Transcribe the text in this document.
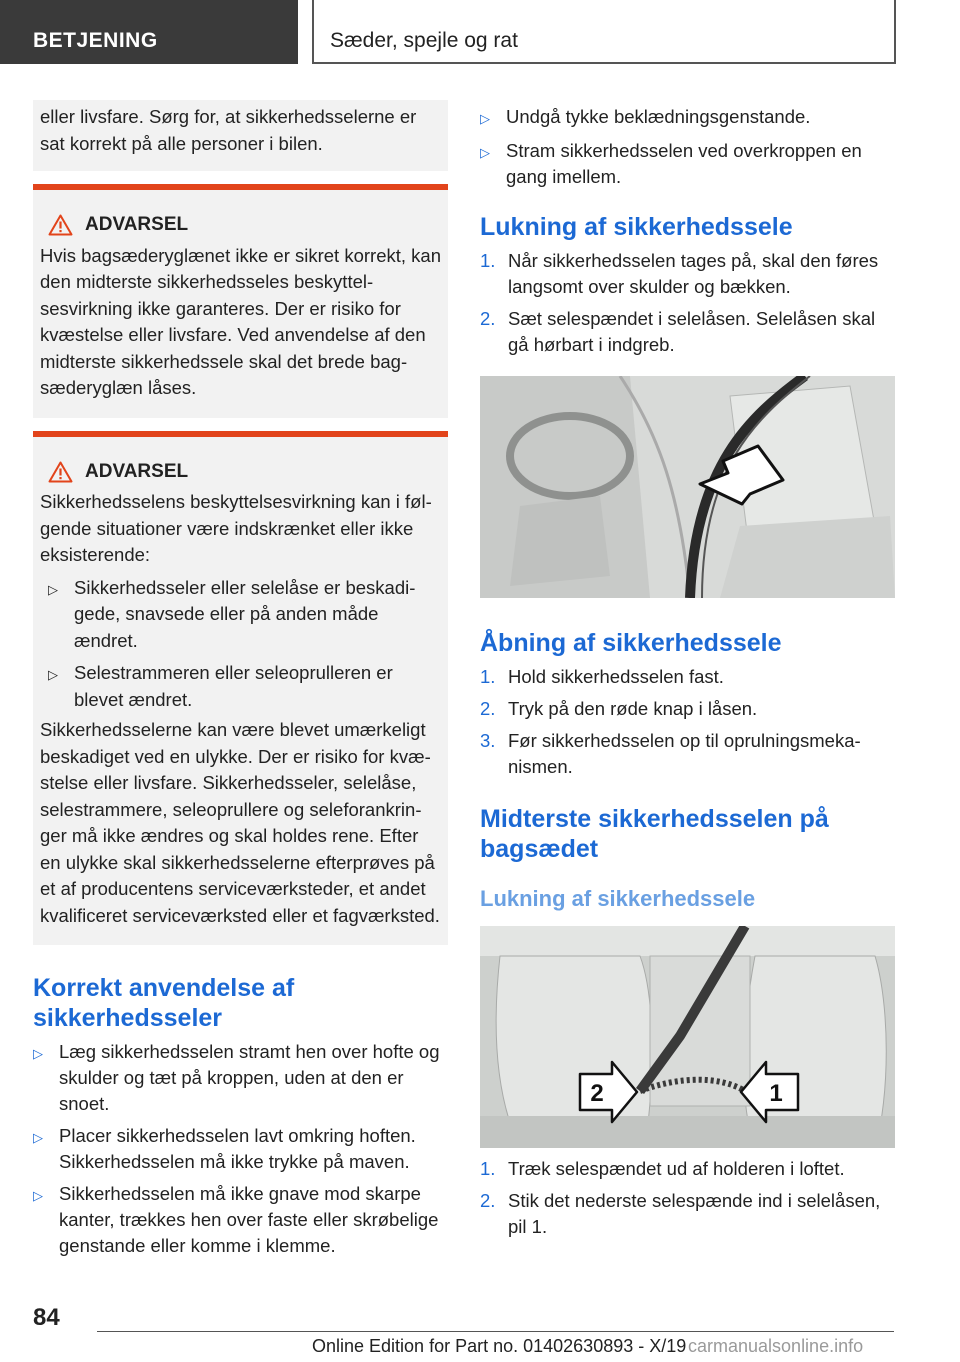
BETJENING	Sæder, spejle og rat
eller livsfare. Sørg for, at sikkerhedsselerne er sat korrekt på alle personer i bilen.
ADVARSEL
Hvis bagsæderyglænet ikke er sikret korrekt, kan den midterste sikkerhedsseles beskyttelsesvirkning ikke garanteres. Der er risiko for kvæstelse eller livsfare. Ved anvendelse af den midterste sikkerhedssele skal det brede bagsæderyglæn låses.
ADVARSEL
Sikkerhedsselens beskyttelsesvirkning kan i følgende situationer være indskrænket eller ikke eksisterende:
▷ Sikkerhedsseler eller selelåse er beskadigede, snavsede eller på anden måde ændret.
▷ Selestrammeren eller seleoprulleren er blevet ændret.

Sikkerhedsselerne kan være blevet umærkeligt beskadiget ved en ulykke. Der er risiko for kvæstelse eller livsfare. Sikkerhedsseler, selelåse, selestrammere, seleoprullere og seleforankringer må ikke ændres og skal holdes rene. Efter en ulykke skal sikkerhedsselerne efterprøves på et af producentens serviceværksteder, et andet kvalificeret serviceværksted eller et fagværksted.

Korrekt anvendelse af sikkerhedsseler
▷ Læg sikkerhedsselen stramt hen over hofte og skulder og tæt på kroppen, uden at den er snoet.
▷ Placer sikkerhedsselen lavt omkring hoften. Sikkerhedsselen må ikke trykke på maven.
▷ Sikkerhedsselen må ikke gnave mod skarpe kanter, trækkes hen over faste eller skrøbelige genstande eller komme i klemme.
▷ Undgå tykke beklædningsgenstande.
▷ Stram sikkerhedsselen ved overkroppen en gang imellem.
Lukning af sikkerhedssele
1. Når sikkerhedsselen tages på, skal den føres langsomt over skulder og bækken.
2. Sæt selespændet i selelåsen. Selelåsen skal gå hørbart i indgreb.
Åbning af sikkerhedssele
1. Hold sikkerhedsselen fast.
2. Tryk på den røde knap i låsen.
3. Før sikkerhedsselen op til oprulningsmekanismen.
Midterste sikkerhedsselen på bagsædet
Lukning af sikkerhedssele
2	1
1. Træk selespændet ud af holderen i loftet.
2. Stik det nederste selespænde ind i selelåsen, pil 1.
84
Online Edition for Part no. 01402630893 - X/19 carmanualsonline.info
